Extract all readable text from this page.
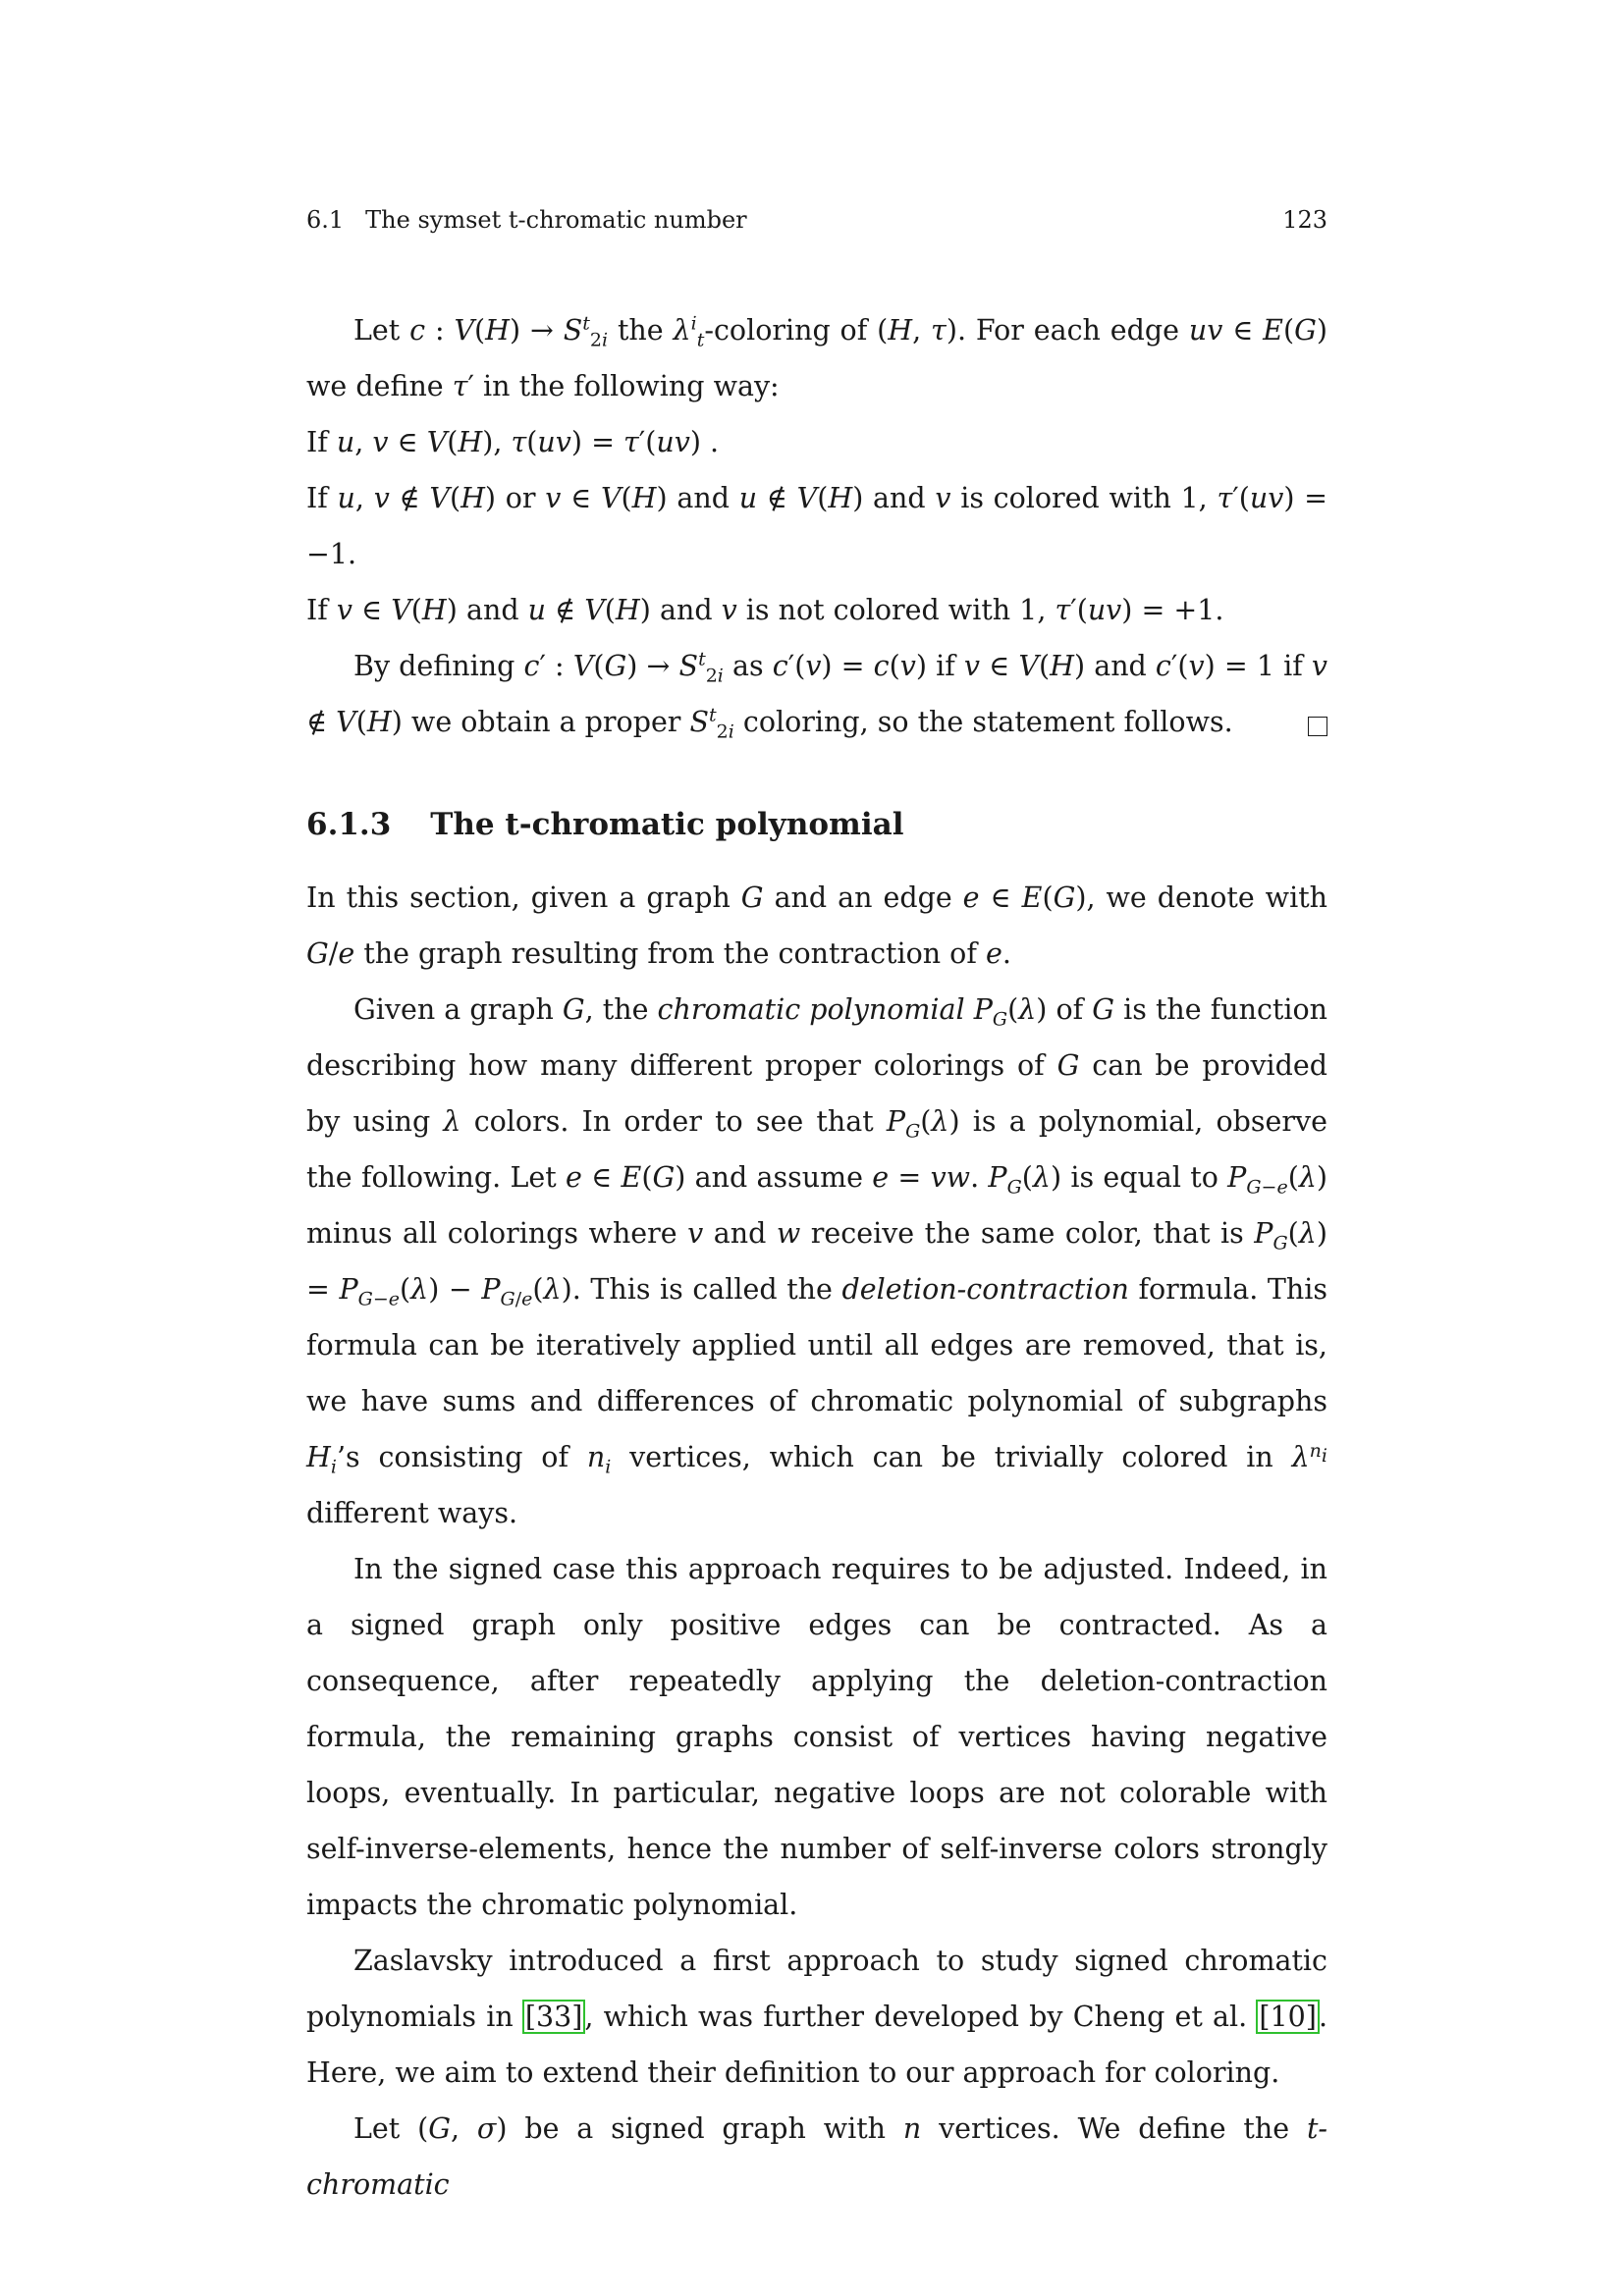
6.1 The symset t-chromatic number	123

Let c : $V(H) \to S^t_{2i}$ the $\lambda^i_t$-coloring of (H, τ). For each edge uv ∈ E(G) we define τ′ in the following way:

If u, v ∈ V(H), τ(uv) = τ′(uv) .

If u, v ∉ V(H) or v ∈ V(H) and u ∉ V(H) and v is colored with 1, τ′(uv) = −1.

If v ∈ V(H) and u ∉ V(H) and v is not colored with 1, τ′(uv) = +1.

By defining c′ : $V(G) \to S^t_{2i}$ as c′(v) = c(v) if v ∈ V(H) and c′(v) = 1 if v ∉ V(H) we obtain a proper $S^t_{2i}$ coloring, so the statement follows.

6.1.3 The t-chromatic polynomial

In this section, given a graph G and an edge e ∈ E(G), we denote with G/e the graph resulting from the contraction of e.

Given a graph G, the chromatic polynomial $P_G(\lambda)$ of G is the function describing how many different proper colorings of G can be provided by using λ colors. In order to see that $P_G(\lambda)$ is a polynomial, observe the following. Let e ∈ E(G) and assume e = vw. $P_G(\lambda)$ is equal to $P_{G-e}(\lambda)$ minus all colorings where v and w receive the same color, that is $P_G(\lambda) = P_{G-e}(\lambda) - P_{G/e}(\lambda)$. This is called the deletion-contraction formula. This formula can be iteratively applied until all edges are removed, that is, we have sums and differences of chromatic polynomial of subgraphs $H_i’s$ consisting of $n_i$ vertices, which can be trivially colored in $\lambda^{n_i}$ different ways.

In the signed case this approach requires to be adjusted. Indeed, in a signed graph only positive edges can be contracted. As a consequence, after repeatedly applying the deletion-contraction formula, the remaining graphs consist of vertices having negative loops, eventually. In particular, negative loops are not colorable with self-inverse-elements, hence the number of self-inverse colors strongly impacts the chromatic polynomial.

Zaslavsky introduced a first approach to study signed chromatic polynomials in [33], which was further developed by Cheng et al. [10]. Here, we aim to extend their definition to our approach for coloring.

Let (G, σ) be a signed graph with n vertices. We define the t-chromatic
